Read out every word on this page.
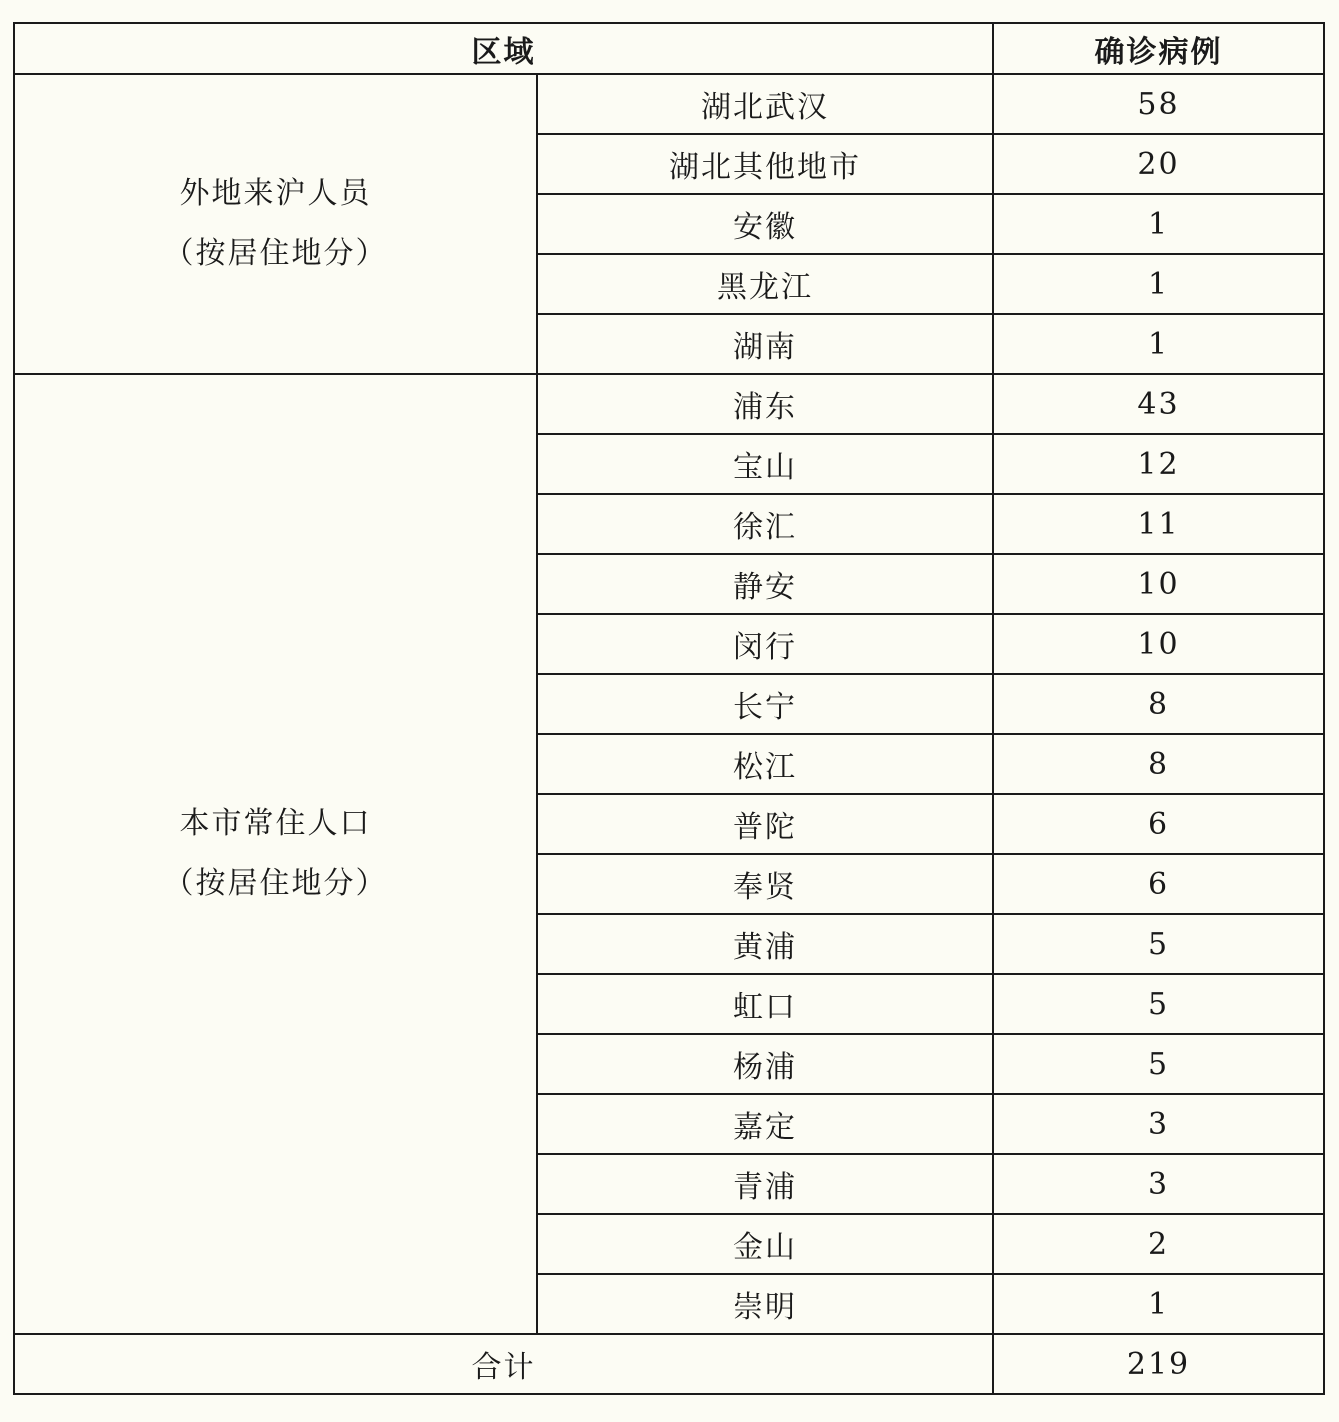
区域		确诊病例

外地来沪人员
（按居住地分）	湖北武汉	58
	湖北其他地市	20
	安徽	1
	黑龙江	1
	湖南	1

本市常住人口
（按居住地分）	浦东	43
	宝山	12
	徐汇	11
	静安	10
	闵行	10
	长宁	8
	松江	8
	普陀	6
	奉贤	6
	黄浦	5
	虹口	5
	杨浦	5
	嘉定	3
	青浦	3
	金山	2
	崇明	1
合计		219
